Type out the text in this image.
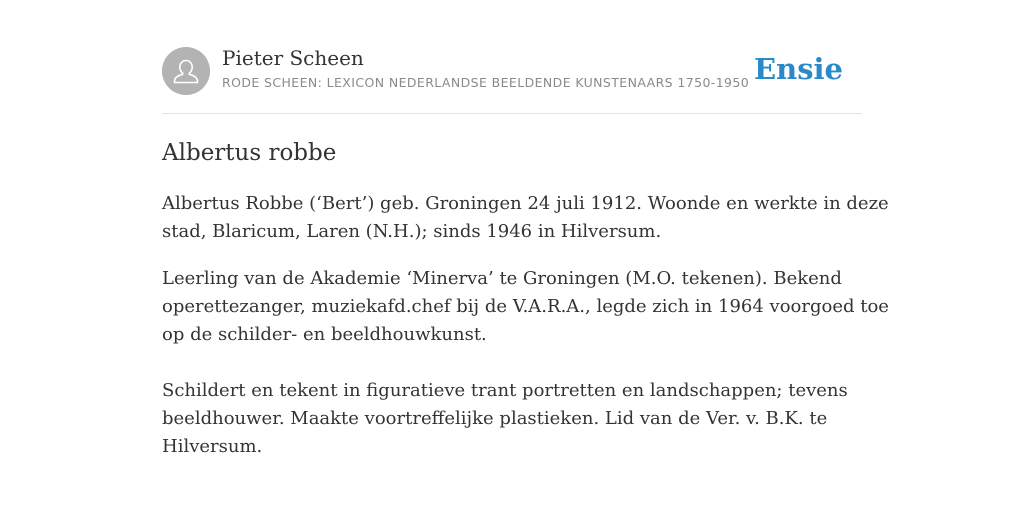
Pieter Scheen
RODE SCHEEN: LEXICON NEDERLANDSE BEELDENDE KUNSTENAARS 1750-1950 Ensie
Albertus robbe

Albertus Robbe (‘Bert’) geb. Groningen 24 juli 1912. Woonde en werkte in deze
stad, Blaricum, Laren (N.H.); sinds 1946 in Hilversum.

Leerling van de Akademie ‘Minerva’ te Groningen (M.O. tekenen). Bekend
operettezanger, muziekafd.chef bij de V.A.R.A., legde zich in 1964 voorgoed toe
op de schilder- en beeldhouwkunst.

Schildert en tekent in figuratieve trant portretten en landschappen; tevens
beeldhouwer. Maakte voortreffelijke plastieken. Lid van de Ver. v. B.K. te
Hilversum.
